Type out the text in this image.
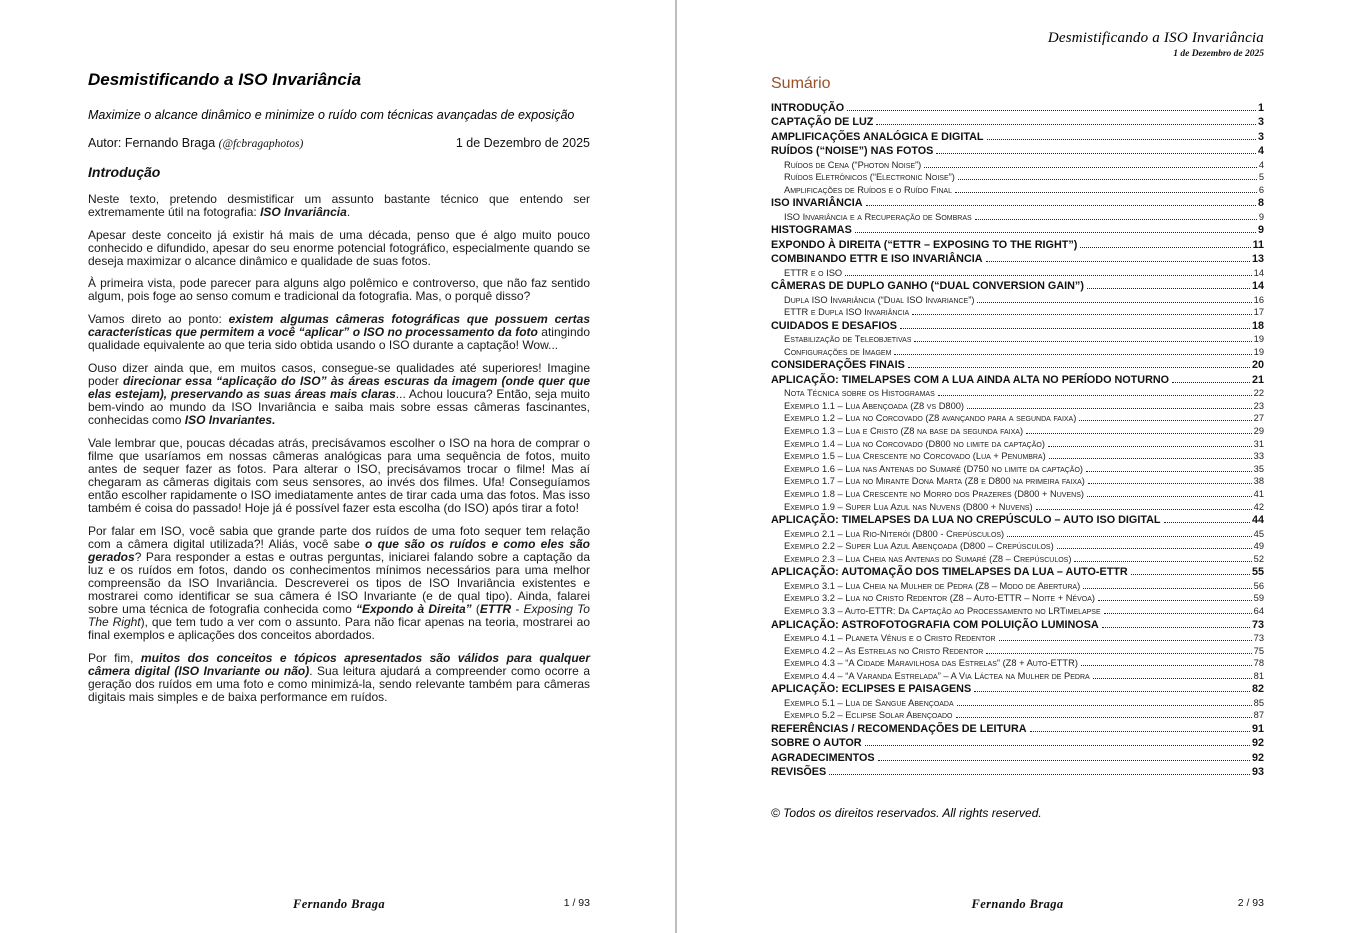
Desmistificando a ISO Invariância

Maximize o alcance dinâmico e minimize o ruído com técnicas avançadas de exposição

Autor: Fernando Braga (@fcbragaphotos)	1 de Dezembro de 2025
Introdução

Neste texto, pretendo desmistificar um assunto bastante técnico que entendo ser extremamente útil na fotografia: ISO Invariância.

Apesar deste conceito já existir há mais de uma década, penso que é algo muito pouco conhecido e difundido, apesar do seu enorme potencial fotográfico, especialmente quando se deseja maximizar o alcance dinâmico e qualidade de suas fotos.

À primeira vista, pode parecer para alguns algo polêmico e controverso, que não faz sentido algum, pois foge ao senso comum e tradicional da fotografia. Mas, o porquê disso?

Vamos direto ao ponto: existem algumas câmeras fotográficas que possuem certas características que permitem a você “aplicar” o ISO no processamento da foto atingindo qualidade equivalente ao que teria sido obtida usando o ISO durante a captação! Wow...

Ouso dizer ainda que, em muitos casos, consegue-se qualidades até superiores! Imagine poder direcionar essa “aplicação do ISO” às áreas escuras da imagem (onde quer que elas estejam), preservando as suas áreas mais claras... Achou loucura? Então, seja muito bem-vindo ao mundo da ISO Invariância e saiba mais sobre essas câmeras fascinantes, conhecidas como ISO Invariantes.

Vale lembrar que, poucas décadas atrás, precisávamos escolher o ISO na hora de comprar o filme que usaríamos em nossas câmeras analógicas para uma sequência de fotos, muito antes de sequer fazer as fotos. Para alterar o ISO, precisávamos trocar o filme! Mas aí chegaram as câmeras digitais com seus sensores, ao invés dos filmes. Ufa! Conseguíamos então escolher rapidamente o ISO imediatamente antes de tirar cada uma das fotos. Mas isso também é coisa do passado! Hoje já é possível fazer esta escolha (do ISO) após tirar a foto!

Por falar em ISO, você sabia que grande parte dos ruídos de uma foto sequer tem relação com a câmera digital utilizada?! Aliás, você sabe o que são os ruídos e como eles são gerados? Para responder a estas e outras perguntas, iniciarei falando sobre a captação da luz e os ruídos em fotos, dando os conhecimentos mínimos necessários para uma melhor compreensão da ISO Invariância. Descreverei os tipos de ISO Invariância existentes e mostrarei como identificar se sua câmera é ISO Invariante (e de qual tipo). Ainda, falarei sobre uma técnica de fotografia conhecida como “Expondo à Direita” (ETTR - Exposing To The Right), que tem tudo a ver com o assunto. Para não ficar apenas na teoria, mostrarei ao final exemplos e aplicações dos conceitos abordados.

Por fim, muitos dos conceitos e tópicos apresentados são válidos para qualquer câmera digital (ISO Invariante ou não). Sua leitura ajudará a compreender como ocorre a geração dos ruídos em uma foto e como minimizá-la, sendo relevante também para câmeras digitais mais simples e de baixa performance em ruídos.

Fernando Braga	1 / 93
Desmistificando a ISO Invariância
1 de Dezembro de 2025
Sumário
INTRODUÇÃO	1
CAPTAÇÃO DE LUZ	3
AMPLIFICAÇÕES ANALÓGICA E DIGITAL	3
RUÍDOS (“NOISE”) NAS FOTOS	4
Ruídos de Cena (“Photon Noise”)	4
Ruídos Eletrônicos (“Electronic Noise”)	5
Amplificações de Ruídos e o Ruído Final	6
ISO INVARIÂNCIA	8
ISO Invariância e a Recuperação de Sombras	9
HISTOGRAMAS	9
EXPONDO À DIREITA (“ETTR – EXPOSING TO THE RIGHT”)	11
COMBINANDO ETTR E ISO INVARIÂNCIA	13
ETTR e o ISO	14
CÂMERAS DE DUPLO GANHO (“DUAL CONVERSION GAIN”)	14
Dupla ISO Invariância (“Dual ISO Invariance”)	16
ETTR e Dupla ISO Invariância	17
CUIDADOS E DESAFIOS	18
Estabilização de Teleobjetivas	19
Configurações de Imagem	19
CONSIDERAÇÕES FINAIS	20
APLICAÇÃO: TIMELAPSES COM A LUA AINDA ALTA NO PERÍODO NOTURNO	21
Nota Técnica sobre os Histogramas	22
Exemplo 1.1 – Lua Abençoada (Z8 vs D800)	23
Exemplo 1.2 – Lua no Corcovado (Z8 avançando para a segunda faixa)	27
Exemplo 1.3 – Lua e Cristo (Z8 na base da segunda faixa)	29
Exemplo 1.4 – Lua no Corcovado (D800 no limite da captação)	31
Exemplo 1.5 – Lua Crescente no Corcovado (Lua + Penumbra)	33
Exemplo 1.6 – Lua nas Antenas do Sumaré (D750 no limite da captação)	35
Exemplo 1.7 – Lua no Mirante Dona Marta (Z8 e D800 na primeira faixa)	38
Exemplo 1.8 – Lua Crescente no Morro dos Prazeres (D800 + Nuvens)	41
Exemplo 1.9 – Super Lua Azul nas Nuvens (D800 + Nuvens)	42
APLICAÇÃO: TIMELAPSES DA LUA NO CREPÚSCULO – AUTO ISO DIGITAL	44
Exemplo 2.1 – Lua Rio-Niterói (D800 - Crepúsculos)	45
Exemplo 2.2 – Super Lua Azul Abençoada (D800 – Crepúsculos)	49
Exemplo 2.3 – Lua Cheia nas Antenas do Sumaré (Z8 – Crepúsculos)	52
APLICAÇÃO: AUTOMAÇÃO DOS TIMELAPSES DA LUA – AUTO-ETTR	55
Exemplo 3.1 – Lua Cheia na Mulher de Pedra (Z8 – Modo de Abertura)	56
Exemplo 3.2 – Lua no Cristo Redentor (Z8 – Auto-ETTR – Noite + Névoa)	59
Exemplo 3.3 – Auto-ETTR: Da Captação ao Processamento no LRTimelapse	64
APLICAÇÃO: ASTROFOTOGRAFIA COM POLUIÇÃO LUMINOSA	73
Exemplo 4.1 – Planeta Vênus e o Cristo Redentor	73
Exemplo 4.2 – As Estrelas no Cristo Redentor	75
Exemplo 4.3 – “A Cidade Maravilhosa das Estrelas” (Z8 + Auto-ETTR)	78
Exemplo 4.4 – “A Varanda Estrelada” – A Via Láctea na Mulher de Pedra	81
APLICAÇÃO: ECLIPSES E PAISAGENS	82
Exemplo 5.1 – Lua de Sangue Abençoada	85
Exemplo 5.2 – Eclipse Solar Abençoado	87
REFERÊNCIAS / RECOMENDAÇÕES DE LEITURA	91
SOBRE O AUTOR	92
AGRADECIMENTOS	92
REVISÕES	93

© Todos os direitos reservados. All rights reserved.

Fernando Braga	2 / 93
